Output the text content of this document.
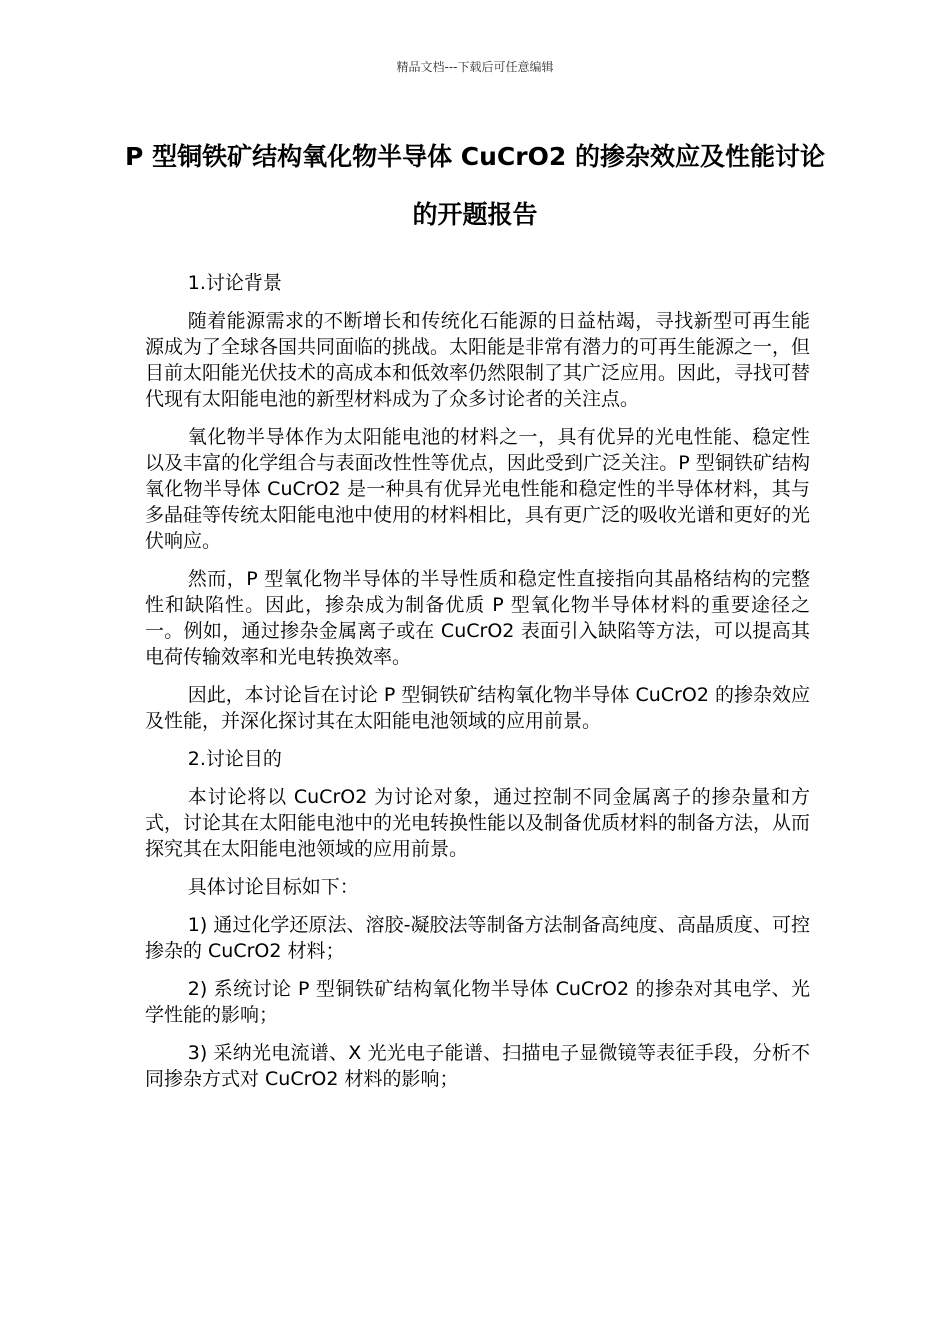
精品文档---下载后可任意编辑
P 型铜铁矿结构氧化物半导体 CuCrO2 的掺杂效应及性能讨论的开题报告

1.讨论背景

随着能源需求的不断增长和传统化石能源的日益枯竭，寻找新型可再生能源成为了全球各国共同面临的挑战。太阳能是非常有潜力的可再生能源之一，但目前太阳能光伏技术的高成本和低效率仍然限制了其广泛应用。因此，寻找可替代现有太阳能电池的新型材料成为了众多讨论者的关注点。

氧化物半导体作为太阳能电池的材料之一，具有优异的光电性能、稳定性以及丰富的化学组合与表面改性性等优点，因此受到广泛关注。P 型铜铁矿结构氧化物半导体 CuCrO2 是一种具有优异光电性能和稳定性的半导体材料，其与多晶硅等传统太阳能电池中使用的材料相比，具有更广泛的吸收光谱和更好的光伏响应。

然而，P 型氧化物半导体的半导性质和稳定性直接指向其晶格结构的完整性和缺陷性。因此，掺杂成为制备优质 P 型氧化物半导体材料的重要途径之一。例如，通过掺杂金属离子或在 CuCrO2 表面引入缺陷等方法，可以提高其电荷传输效率和光电转换效率。

因此，本讨论旨在讨论 P 型铜铁矿结构氧化物半导体 CuCrO2 的掺杂效应及性能，并深化探讨其在太阳能电池领域的应用前景。

2.讨论目的

本讨论将以 CuCrO2 为讨论对象，通过控制不同金属离子的掺杂量和方式，讨论其在太阳能电池中的光电转换性能以及制备优质材料的制备方法，从而探究其在太阳能电池领域的应用前景。

具体讨论目标如下：

1) 通过化学还原法、溶胶-凝胶法等制备方法制备高纯度、高晶质度、可控掺杂的 CuCrO2 材料；

2) 系统讨论 P 型铜铁矿结构氧化物半导体 CuCrO2 的掺杂对其电学、光学性能的影响；

3) 采纳光电流谱、X 光光电子能谱、扫描电子显微镜等表征手段，分析不同掺杂方式对 CuCrO2 材料的影响；
